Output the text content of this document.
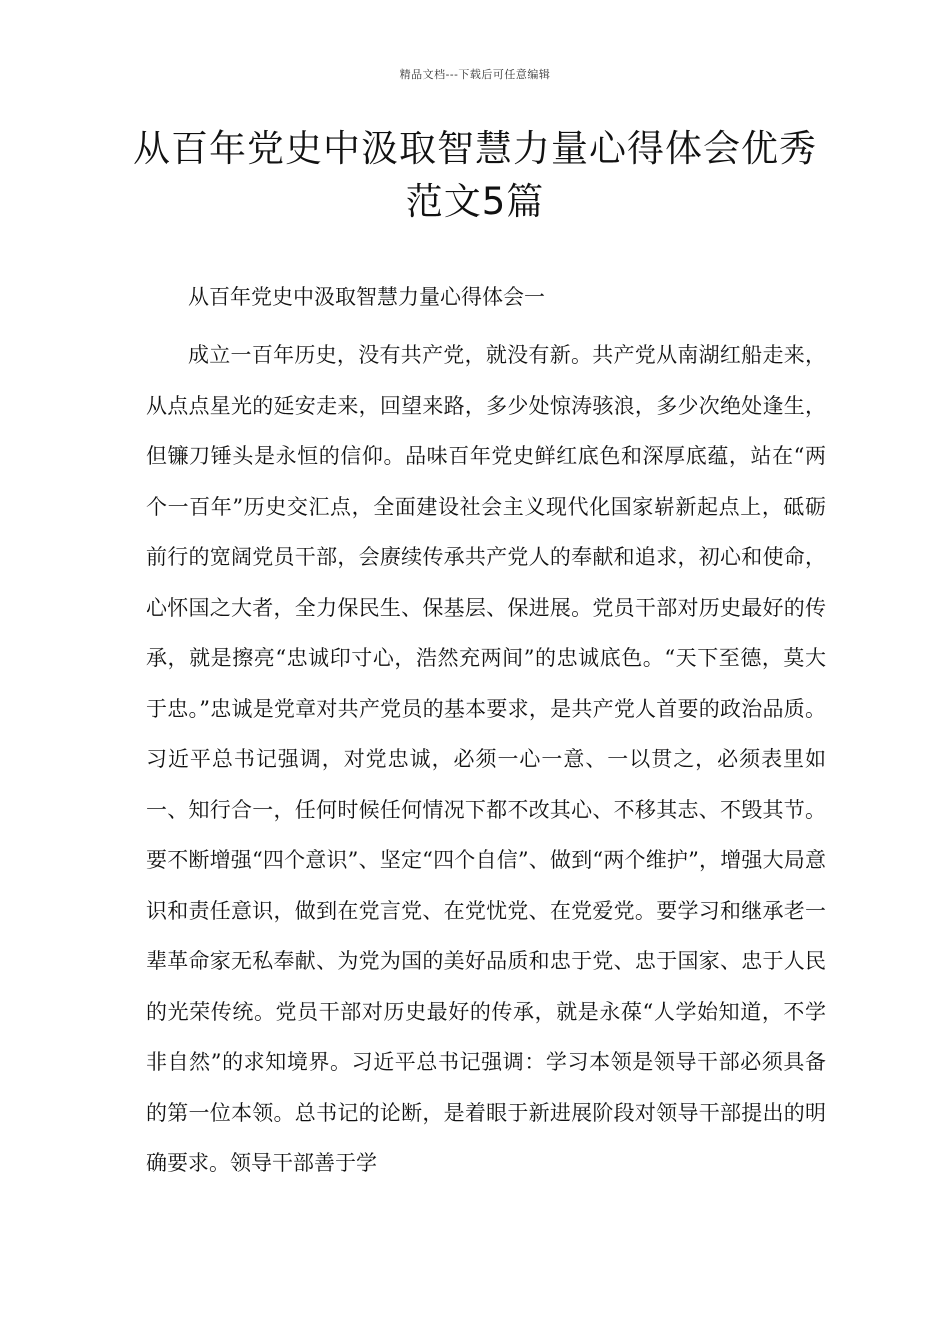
精品文档---下载后可任意编辑
从百年党史中汲取智慧力量心得体会优秀范文5篇
从百年党史中汲取智慧力量心得体会一

成立一百年历史，没有共产党，就没有新。共产党从南湖红船走来，从点点星光的延安走来，回望来路，多少处惊涛骇浪，多少次绝处逢生，但镰刀锤头是永恒的信仰。品味百年党史鲜红底色和深厚底蕴，站在“两个一百年”历史交汇点，全面建设社会主义现代化国家崭新起点上，砥砺前行的宽阔党员干部，会赓续传承共产党人的奉献和追求，初心和使命，心怀国之大者，全力保民生、保基层、保进展。党员干部对历史最好的传承，就是擦亮“忠诚印寸心，浩然充两间”的忠诚底色。“天下至德，莫大于忠。”忠诚是党章对共产党员的基本要求，是共产党人首要的政治品质。习近平总书记强调，对党忠诚，必须一心一意、一以贯之，必须表里如一、知行合一，任何时候任何情况下都不改其心、不移其志、不毁其节。要不断增强“四个意识”、坚定“四个自信”、做到“两个维护”，增强大局意识和责任意识，做到在党言党、在党忧党、在党爱党。要学习和继承老一辈革命家无私奉献、为党为国的美好品质和忠于党、忠于国家、忠于人民的光荣传统。党员干部对历史最好的传承，就是永葆“人学始知道，不学非自然”的求知境界。习近平总书记强调：学习本领是领导干部必须具备的第一位本领。总书记的论断，是着眼于新进展阶段对领导干部提出的明确要求。领导干部善于学
